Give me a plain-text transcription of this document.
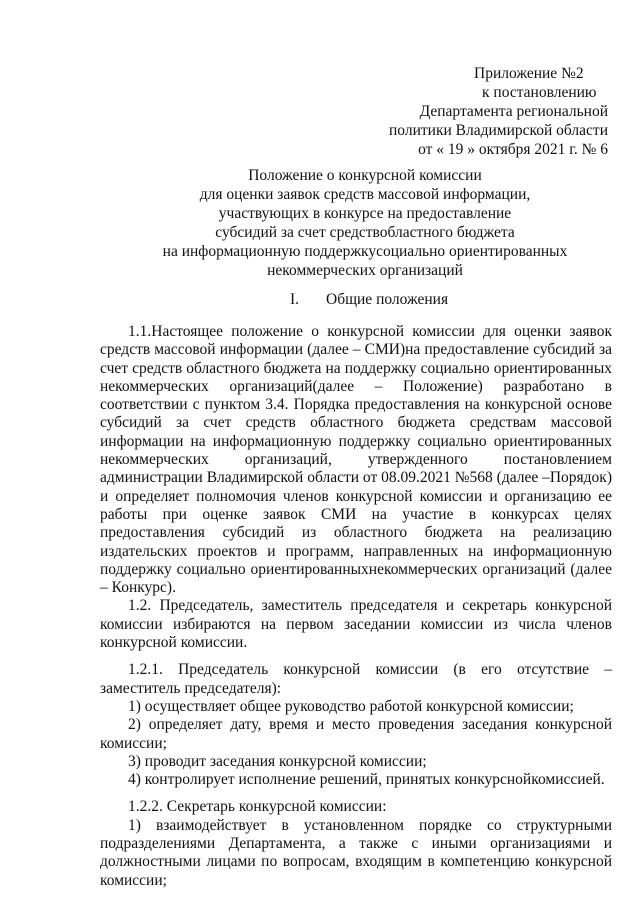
Приложение №2
к постановлению
Департамента региональной
политики Владимирской области
от « 19 » октября 2021 г. № 6
Положение о конкурсной комиссии
для оценки заявок средств массовой информации,
участвующих в конкурсе на предоставление
субсидий за счет средствобластного бюджета
на информационную поддержкусоциально ориентированных
некоммерческих организаций
I. Общие положения

1.1.Настоящее положение о конкурсной комиссии для оценки заявок средств массовой информации (далее – СМИ)на предоставление субсидий за счет средств областного бюджета на поддержку социально ориентированных некоммерческих организаций(далее – Положение) разработано в соответствии с пунктом 3.4. Порядка предоставления на конкурсной основе субсидий за счет средств областного бюджета средствам массовой информации на информационную поддержку социально ориентированных некоммерческих организаций, утвержденного постановлением администрации Владимирской области от 08.09.2021 №568 (далее –Порядок) и определяет полномочия членов конкурсной комиссии и организацию ее работы при оценке заявок СМИ на участие в конкурсах целях предоставления субсидий из областного бюджета на реализацию издательских проектов и программ, направленных на информационную поддержку социально ориентированныхнекоммерческих организаций (далее – Конкурс).

1.2. Председатель, заместитель председателя и секретарь конкурсной комиссии избираются на первом заседании комиссии из числа членов конкурсной комиссии.

1.2.1. Председатель конкурсной комиссии (в его отсутствие – заместитель председателя):

1) осуществляет общее руководство работой конкурсной комиссии;

2) определяет дату, время и место проведения заседания конкурсной комиссии;

3) проводит заседания конкурсной комиссии;

4) контролирует исполнение решений, принятых конкурснойкомиссией.

1.2.2. Секретарь конкурсной комиссии:

1) взаимодействует в установленном порядке со структурными подразделениями Департамента, а также с иными организациями и должностными лицами по вопросам, входящим в компетенцию конкурсной комиссии;
